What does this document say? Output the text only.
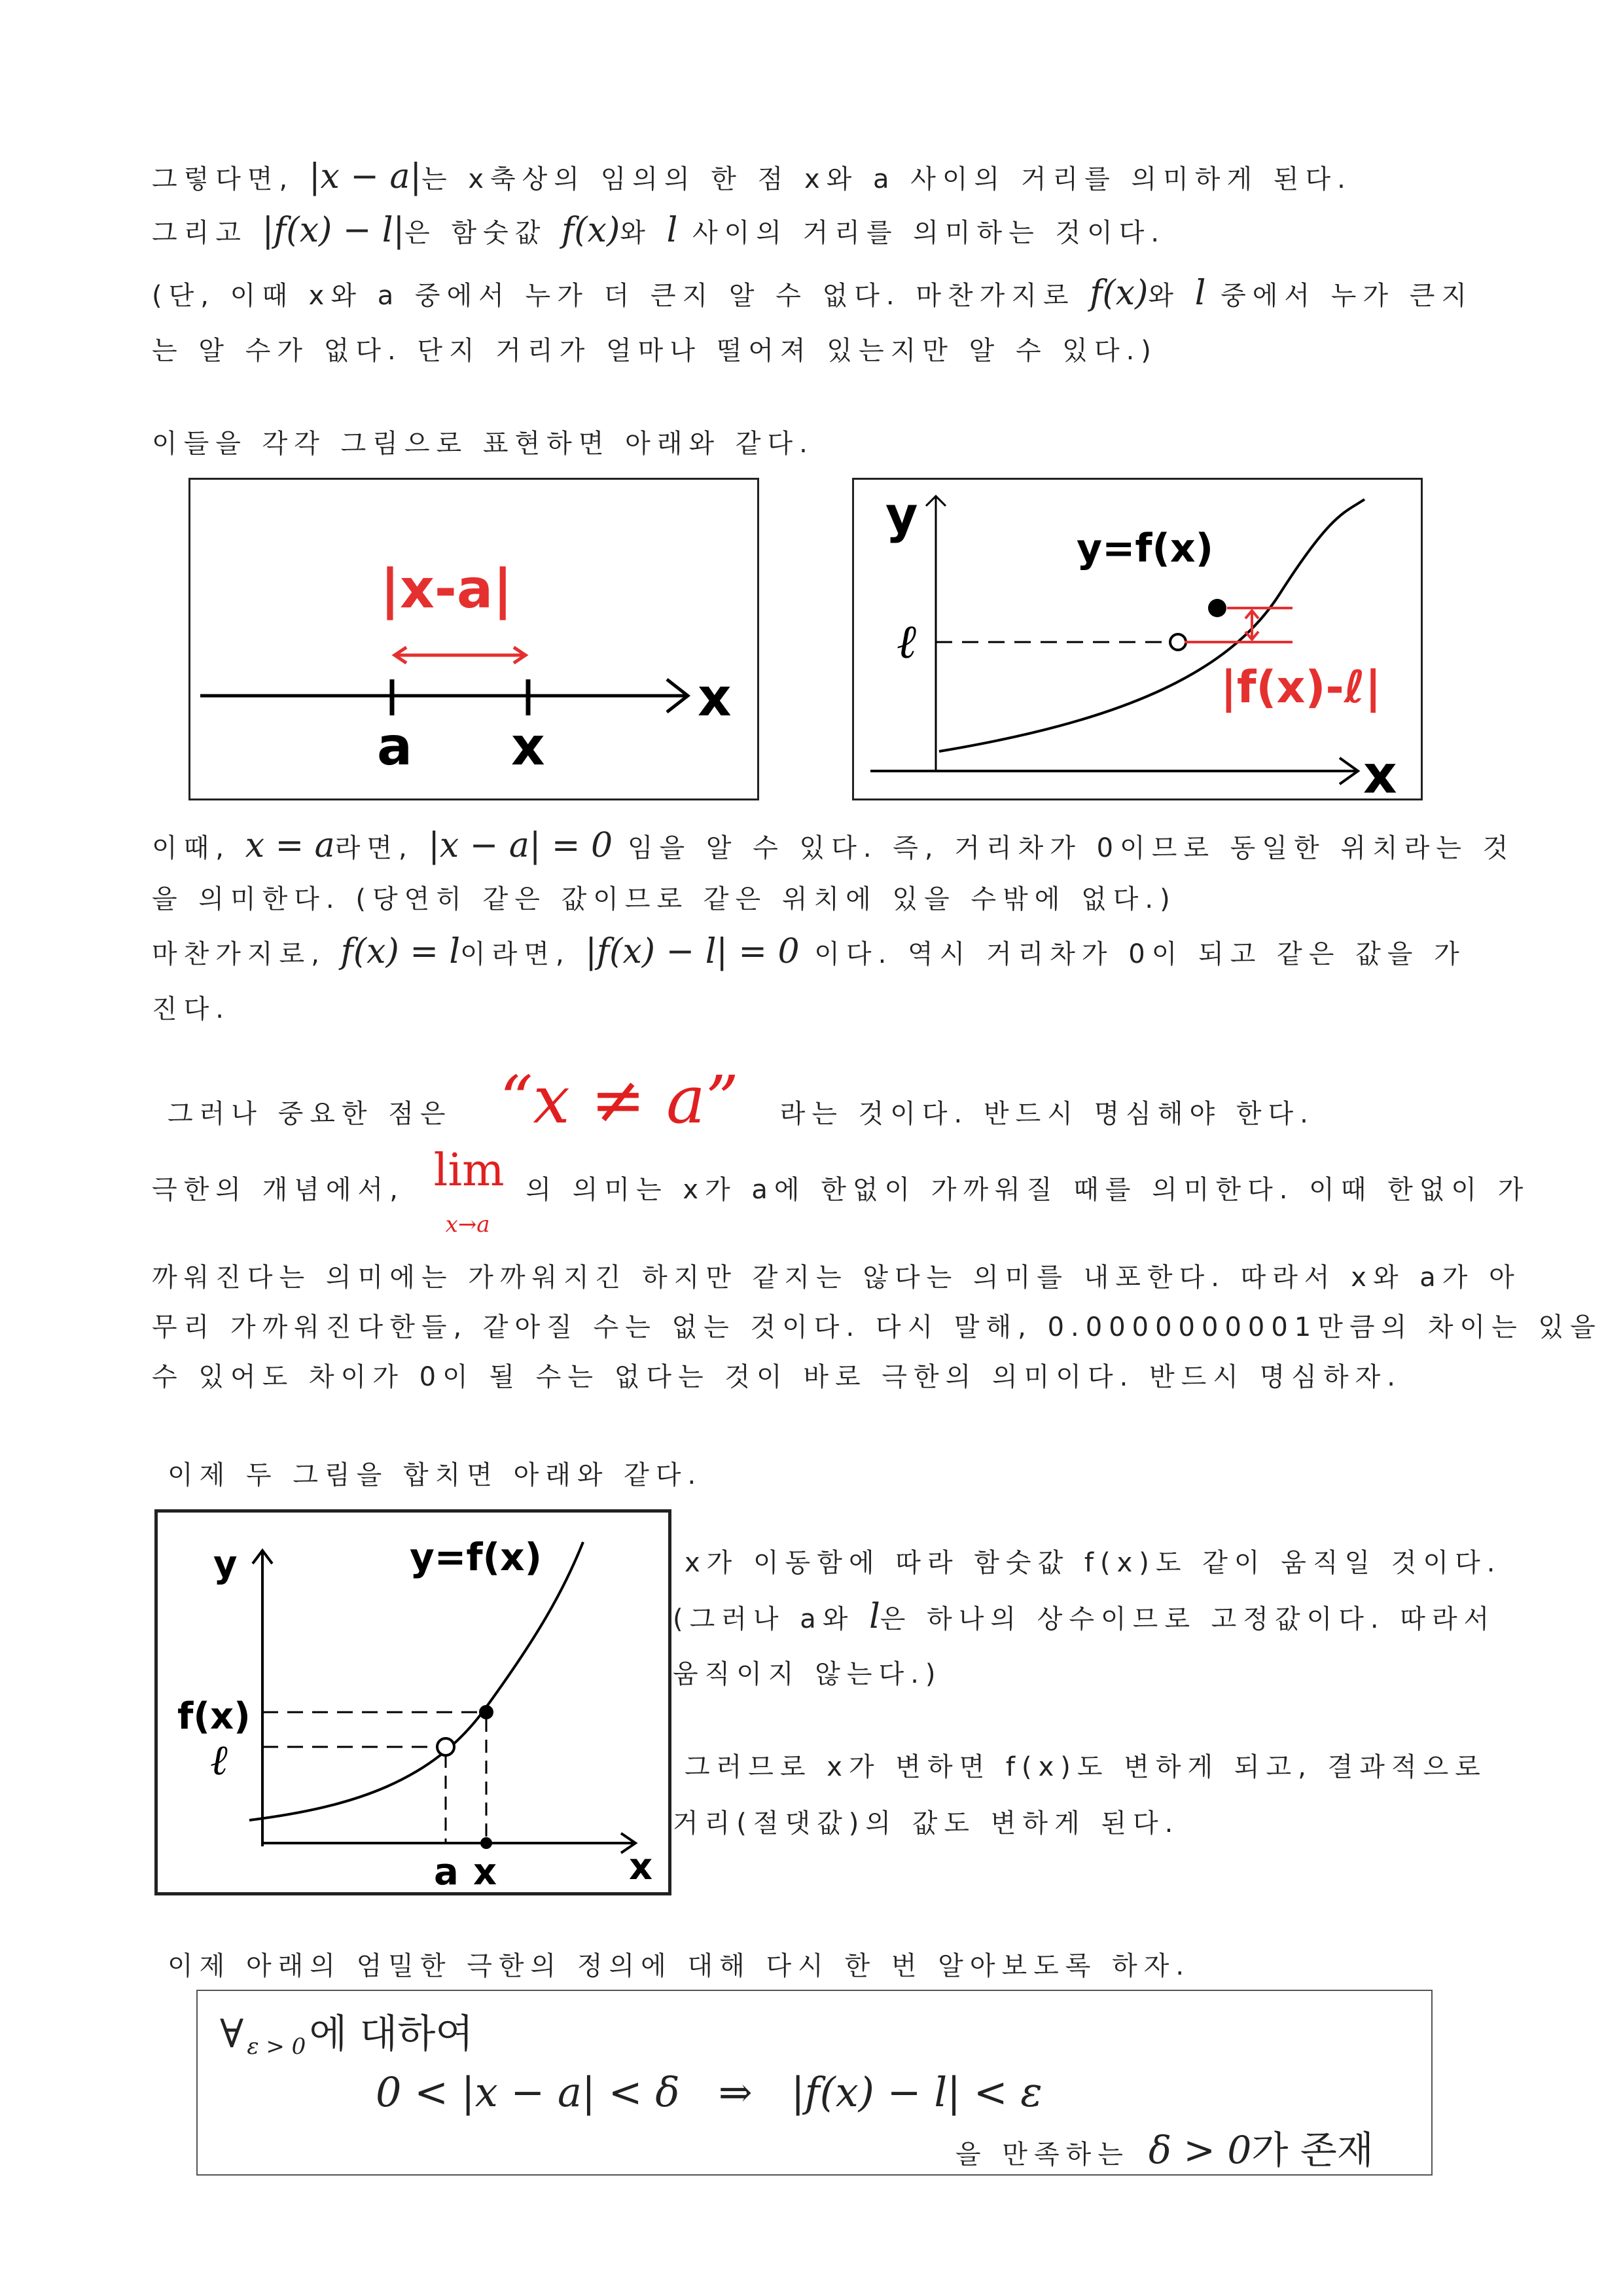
그렇다면, |x − a|는 x축상의 임의의 한 점 x와 a 사이의 거리를 의미하게 된다.
그리고 |f(x) − l|은 함숫값 f(x)와 l 사이의 거리를 의미하는 것이다.
(단, 이때 x와 a 중에서 누가 더 큰지 알 수 없다. 마찬가지로 f(x)와 l 중에서 누가 큰지
는 알 수가 없다. 단지 거리가 얼마나 떨어져 있는지만 알 수 있다.)
이들을 각각 그림으로 표현하면 아래와 같다.
x
a x
|x-a|
y
x
ℓ
y=f(x)
|f(x)-ℓ|
이때, x = a라면, |x − a| = 0 임을 알 수 있다. 즉, 거리차가 0이므로 동일한 위치라는 것
을 의미한다. (당연히 같은 값이므로 같은 위치에 있을 수밖에 없다.)
마찬가지로, f(x) = l이라면, |f(x) − l| = 0 이다. 역시 거리차가 0이 되고 같은 값을 가
진다.
그러나 중요한 점은 “x ≠ a” 라는 것이다. 반드시 명심해야 한다.
극한의 개념에서, lim
x→a
의 의미는 x가 a에 한없이 가까워질 때를 의미한다. 이때 한없이 가
까워진다는 의미에는 가까워지긴 하지만 같지는 않다는 의미를 내포한다. 따라서 x와 a가 아
무리 가까워진다한들, 같아질 수는 없는 것이다. 다시 말해, 0.0000000001만큼의 차이는 있을
수 있어도 차이가 0이 될 수는 없다는 것이 바로 극한의 의미이다. 반드시 명심하자.
이제 두 그림을 합치면 아래와 같다.
y
x
y=f(x)
f(x)
ℓ
a x
x가 이동함에 따라 함숫값 f(x)도 같이 움직일 것이다.
(그러나 a와 l은 하나의 상수이므로 고정값이다. 따라서
움직이지 않는다.)
그러므로 x가 변하면 f(x)도 변하게 되고, 결과적으로
거리(절댓값)의 값도 변하게 된다.
이제 아래의 엄밀한 극한의 정의에 대해 다시 한 번 알아보도록 하자.
∀ ε > 0 에 대하여
0 < |x − a| < δ   ⇒   |f(x) − l| < ε
을 만족하는 δ > 0가 존재
